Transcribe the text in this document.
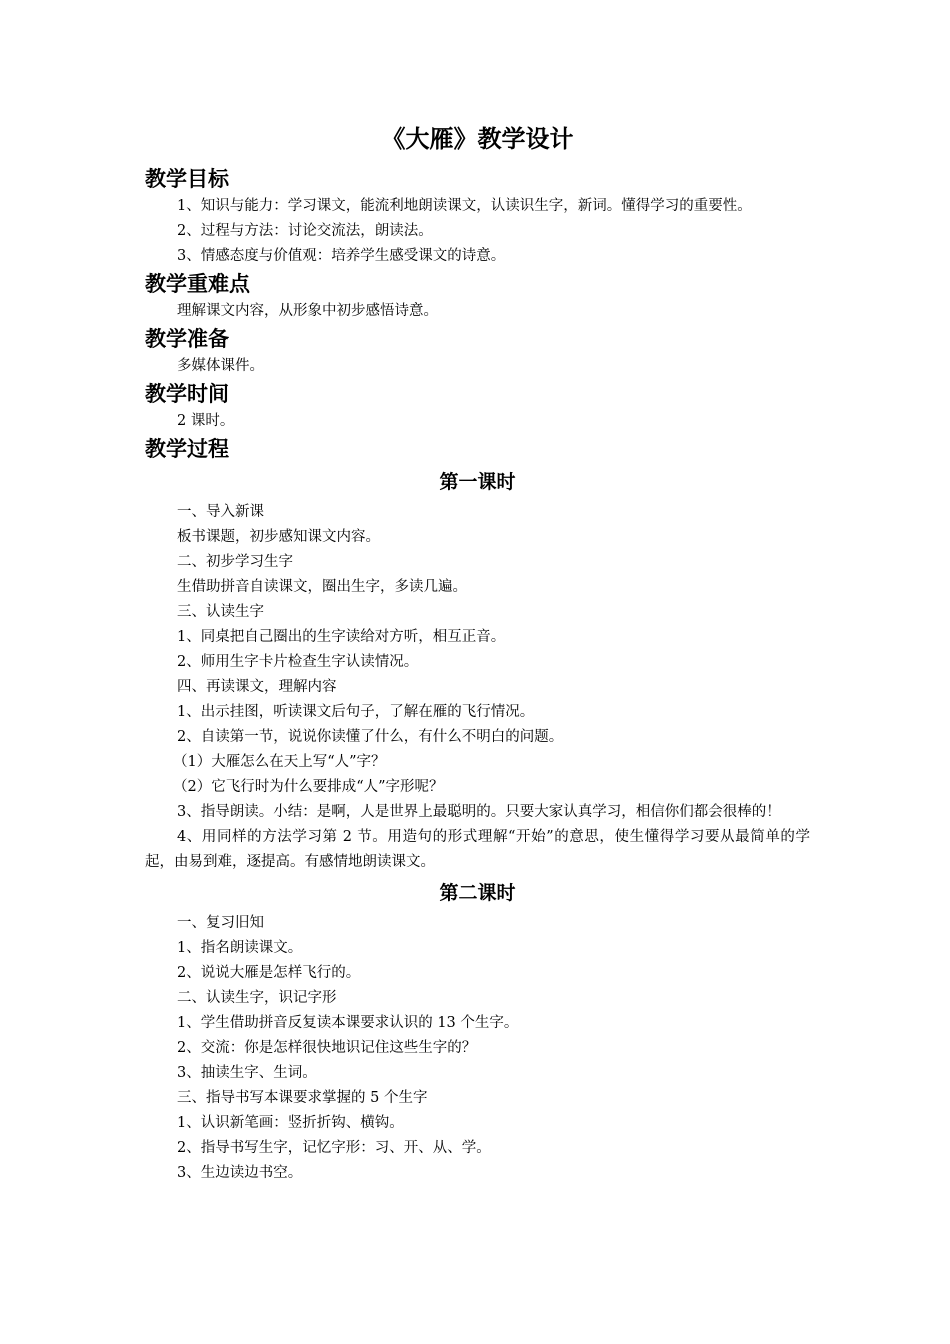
《大雁》教学设计
教学目标
1、知识与能力：学习课文，能流利地朗读课文，认读识生字，新词。懂得学习的重要性。
2、过程与方法：讨论交流法，朗读法。
3、情感态度与价值观：培养学生感受课文的诗意。
教学重难点
理解课文内容，从形象中初步感悟诗意。
教学准备
多媒体课件。
教学时间
2 课时。
教学过程
第一课时
一、导入新课
板书课题，初步感知课文内容。
二、初步学习生字
生借助拼音自读课文，圈出生字，多读几遍。
三、认读生字
1、同桌把自己圈出的生字读给对方听，相互正音。
2、师用生字卡片检查生字认读情况。
四、再读课文，理解内容
1、出示挂图，听读课文后句子，了解在雁的飞行情况。
2、自读第一节，说说你读懂了什么，有什么不明白的问题。
（1）大雁怎么在天上写“人”字？
（2）它飞行时为什么要排成“人”字形呢？
3、指导朗读。小结：是啊，人是世界上最聪明的。只要大家认真学习，相信你们都会很棒的！
4、用同样的方法学习第 2 节。用造句的形式理解“开始”的意思，使生懂得学习要从最简单的学起，由易到难，逐提高。有感情地朗读课文。
第二课时
一、复习旧知
1、指名朗读课文。
2、说说大雁是怎样飞行的。
二、认读生字，识记字形
1、学生借助拼音反复读本课要求认识的 13 个生字。
2、交流：你是怎样很快地识记住这些生字的？
3、抽读生字、生词。
三、指导书写本课要求掌握的 5 个生字
1、认识新笔画：竖折折钩、横钩。
2、指导书写生字，记忆字形：习、开、从、学。
3、生边读边书空。
